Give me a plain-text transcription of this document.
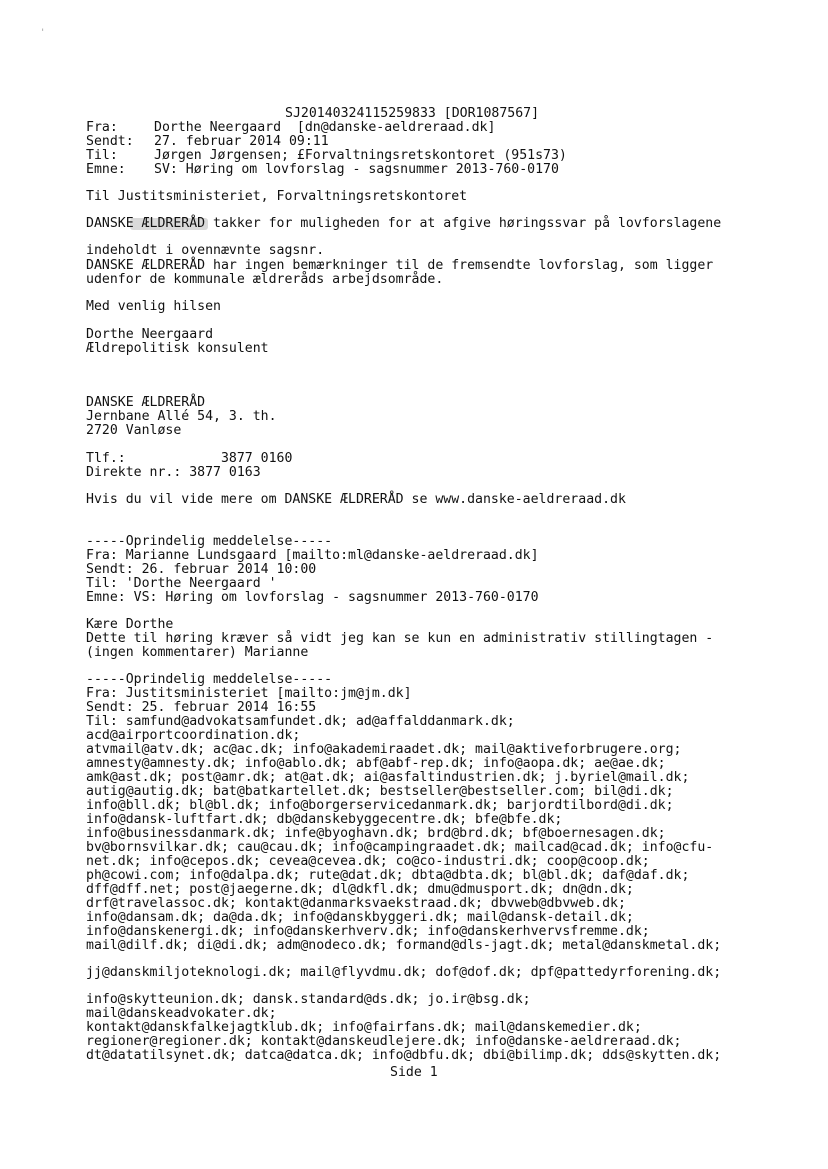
'
SJ20140324115259833 [DOR1087567]
Fra:	Dorthe Neergaard  [dn@danske-aeldreraad.dk]
Sendt: 27. februar 2014 09:11
Til:	Jørgen Jørgensen; £Forvaltningsretskontoret (951s73)
Emne: SV: Høring om lovforslag - sagsnummer 2013-760-0170
Til Justitsministeriet, Forvaltningsretskontoret
DANSKE ÆLDRERÅD takker for muligheden for at afgive høringssvar på lovforslagene
indeholdt i ovennævnte sagsnr.
DANSKE ÆLDRERÅD har ingen bemærkninger til de fremsendte lovforslag, som ligger
udenfor de kommunale ældreråds arbejdsområde.
Med venlig hilsen
Dorthe Neergaard
Ældrepolitisk konsulent
DANSKE ÆLDRERÅD
Jernbane Allé 54, 3. th.
2720 Vanløse
Tlf.:            3877 0160
Direkte nr.: 3877 0163
Hvis du vil vide mere om DANSKE ÆLDRERÅD se www.danske-aeldreraad.dk
-----Oprindelig meddelelse-----
Fra: Marianne Lundsgaard [mailto:ml@danske-aeldreraad.dk]
Sendt: 26. februar 2014 10:00
Til: 'Dorthe Neergaard '
Emne: VS: Høring om lovforslag - sagsnummer 2013-760-0170
Kære Dorthe
Dette til høring kræver så vidt jeg kan se kun en administrativ stillingtagen -
(ingen kommentarer) Marianne
-----Oprindelig meddelelse-----
Fra: Justitsministeriet [mailto:jm@jm.dk]
Sendt: 25. februar 2014 16:55
Til: samfund@advokatsamfundet.dk; ad@affalddanmark.dk;
acd@airportcoordination.dk;
atvmail@atv.dk; ac@ac.dk; info@akademiraadet.dk; mail@aktiveforbrugere.org;
amnesty@amnesty.dk; info@ablo.dk; abf@abf-rep.dk; info@aopa.dk; ae@ae.dk;
amk@ast.dk; post@amr.dk; at@at.dk; ai@asfaltindustrien.dk; j.byriel@mail.dk;
autig@autig.dk; bat@batkartellet.dk; bestseller@bestseller.com; bil@di.dk;
info@bll.dk; bl@bl.dk; info@borgerservicedanmark.dk; barjordtilbord@di.dk;
info@dansk-luftfart.dk; db@danskebyggecentre.dk; bfe@bfe.dk;
info@businessdanmark.dk; infe@byoghavn.dk; brd@brd.dk; bf@boernesagen.dk;
bv@bornsvilkar.dk; cau@cau.dk; info@campingraadet.dk; mailcad@cad.dk; info@cfu-
net.dk; info@cepos.dk; cevea@cevea.dk; co@co-industri.dk; coop@coop.dk;
ph@cowi.com; info@dalpa.dk; rute@dat.dk; dbta@dbta.dk; bl@bl.dk; daf@daf.dk;
dff@dff.net; post@jaegerne.dk; dl@dkfl.dk; dmu@dmusport.dk; dn@dn.dk;
drf@travelassoc.dk; kontakt@danmarksvaekstraad.dk; dbvweb@dbvweb.dk;
info@dansam.dk; da@da.dk; info@danskbyggeri.dk; mail@dansk-detail.dk;
info@danskenergi.dk; info@danskerhverv.dk; info@danskerhvervsfremme.dk;
mail@dilf.dk; di@di.dk; adm@nodeco.dk; formand@dls-jagt.dk; metal@danskmetal.dk;
jj@danskmiljoteknologi.dk; mail@flyvdmu.dk; dof@dof.dk; dpf@pattedyrforening.dk;
info@skytteunion.dk; dansk.standard@ds.dk; jo.ir@bsg.dk;
mail@danskeadvokater.dk;
kontakt@danskfalkejagtklub.dk; info@fairfans.dk; mail@danskemedier.dk;
regioner@regioner.dk; kontakt@danskeudlejere.dk; info@danske-aeldreraad.dk;
dt@datatilsynet.dk; datca@datca.dk; info@dbfu.dk; dbi@bilimp.dk; dds@skytten.dk;
Side 1
